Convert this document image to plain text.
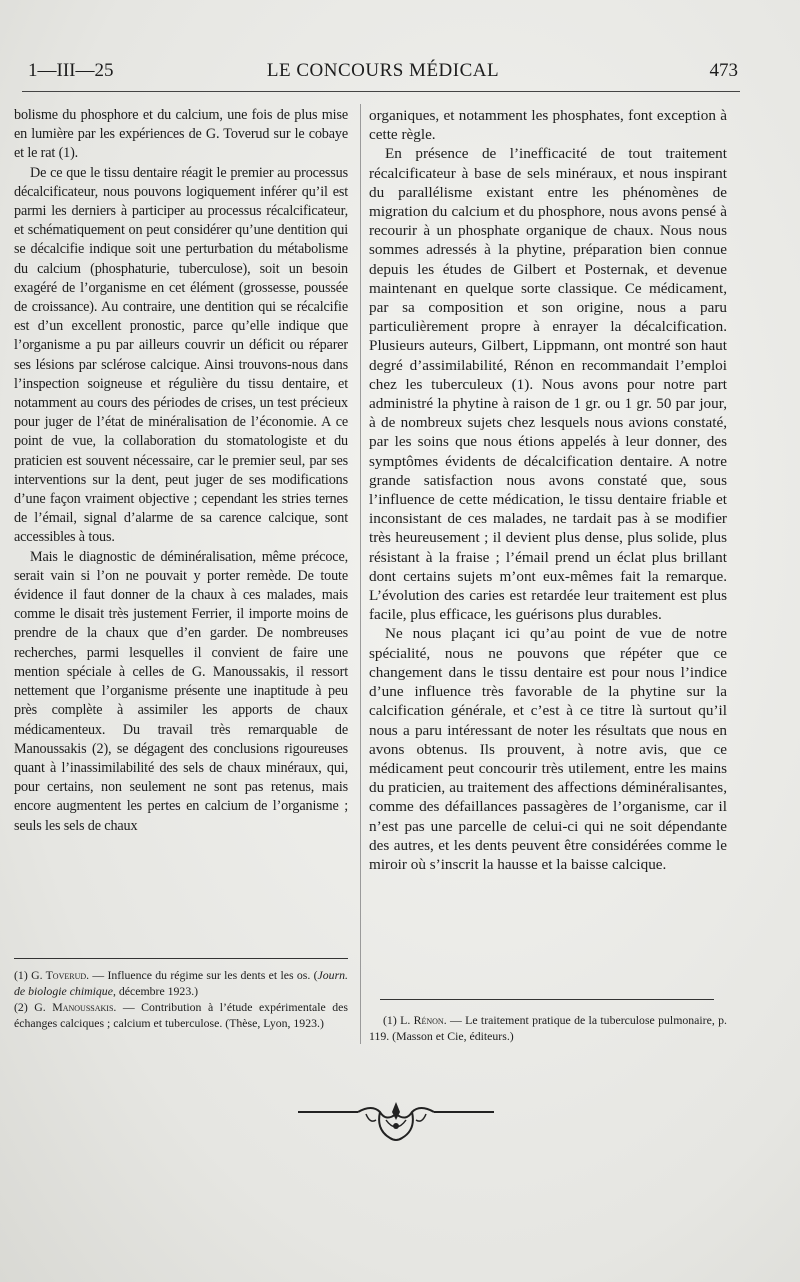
1—III—25	LE CONCOURS MÉDICAL	473

bolisme du phosphore et du calcium, une fois de plus mise en lumière par les expériences de G. Toverud sur le cobaye et le rat (1).

De ce que le tissu dentaire réagit le premier au processus décalcificateur, nous pouvons logiquement inférer qu’il est parmi les derniers à participer au processus récalcificateur, et schématiquement on peut considérer qu’une dentition qui se décalcifie indique soit une perturbation du métabolisme du calcium (phosphaturie, tuberculose), soit un besoin exagéré de l’organisme en cet élément (grossesse, poussée de croissance). Au contraire, une dentition qui se récalcifie est d’un excellent pronostic, parce qu’elle indique que l’organisme a pu par ailleurs couvrir un déficit ou réparer ses lésions par sclérose calcique. Ainsi trouvons-nous dans l’inspection soigneuse et régulière du tissu dentaire, et notamment au cours des périodes de crises, un test précieux pour juger de l’état de minéralisation de l’économie. A ce point de vue, la collaboration du stomatologiste et du praticien est souvent nécessaire, car le premier seul, par ses interventions sur la dent, peut juger de ses modifications d’une façon vraiment objective ; cependant les stries ternes de l’émail, signal d’alarme de sa carence calcique, sont accessibles à tous.

Mais le diagnostic de déminéralisation, même précoce, serait vain si l’on ne pouvait y porter remède. De toute évidence il faut donner de la chaux à ces malades, mais comme le disait très justement Ferrier, il importe moins de prendre de la chaux que d’en garder. De nombreuses recherches, parmi lesquelles il convient de faire une mention spéciale à celles de G. Manoussakis, il ressort nettement que l’organisme présente une inaptitude à peu près complète à assimiler les apports de chaux médicamenteux. Du travail très remarquable de Manoussakis (2), se dégagent des conclusions rigoureuses quant à l’inassimilabilité des sels de chaux minéraux, qui, pour certains, non seulement ne sont pas retenus, mais encore augmentent les pertes en calcium de l’organisme ; seuls les sels de chaux

organiques, et notamment les phosphates, font exception à cette règle.

En présence de l’inefficacité de tout traitement récalcificateur à base de sels minéraux, et nous inspirant du parallélisme existant entre les phénomènes de migration du calcium et du phosphore, nous avons pensé à recourir à un phosphate organique de chaux. Nous nous sommes adressés à la phytine, préparation bien connue depuis les études de Gilbert et Posternak, et devenue maintenant en quelque sorte classique. Ce médicament, par sa composition et son origine, nous a paru particulièrement propre à enrayer la décalcification. Plusieurs auteurs, Gilbert, Lippmann, ont montré son haut degré d’assimilabilité, Rénon en recommandait l’emploi chez les tuberculeux (1). Nous avons pour notre part administré la phytine à raison de 1 gr. ou 1 gr. 50 par jour, à de nombreux sujets chez lesquels nous avions constaté, par les soins que nous étions appelés à leur donner, des symptômes évidents de décalcification dentaire. A notre grande satisfaction nous avons constaté que, sous l’influence de cette médication, le tissu dentaire friable et inconsistant de ces malades, ne tardait pas à se modifier très heureusement ; il devient plus dense, plus solide, plus résistant à la fraise ; l’émail prend un éclat plus brillant dont certains sujets m’ont eux-mêmes fait la remarque. L’évolution des caries est retardée leur traitement est plus facile, plus efficace, les guérisons plus durables.

Ne nous plaçant ici qu’au point de vue de notre spécialité, nous ne pouvons que répéter que ce changement dans le tissu dentaire est pour nous l’indice d’une influence très favorable de la phytine sur la calcification générale, et c’est à ce titre là surtout qu’il nous a paru intéressant de noter les résultats que nous en avons obtenus. Ils prouvent, à notre avis, que ce médicament peut concourir très utilement, entre les mains du praticien, au traitement des affections déminéralisantes, comme des défaillances passagères de l’organisme, car il n’est pas une parcelle de celui-ci qui ne soit dépendante des autres, et les dents peuvent être considérées comme le miroir où s’inscrit la hausse et la baisse calcique.

(1) G. Toverud. — Influence du régime sur les dents et les os. (Journ. de biologie chimique, décembre 1923.)

(2) G. Manoussakis. — Contribution à l’étude expérimentale des échanges calciques ; calcium et tuberculose. (Thèse, Lyon, 1923.)	(1) L. Rénon. — Le traitement pratique de la tuberculose pulmonaire, p. 119. (Masson et Cie, éditeurs.)
